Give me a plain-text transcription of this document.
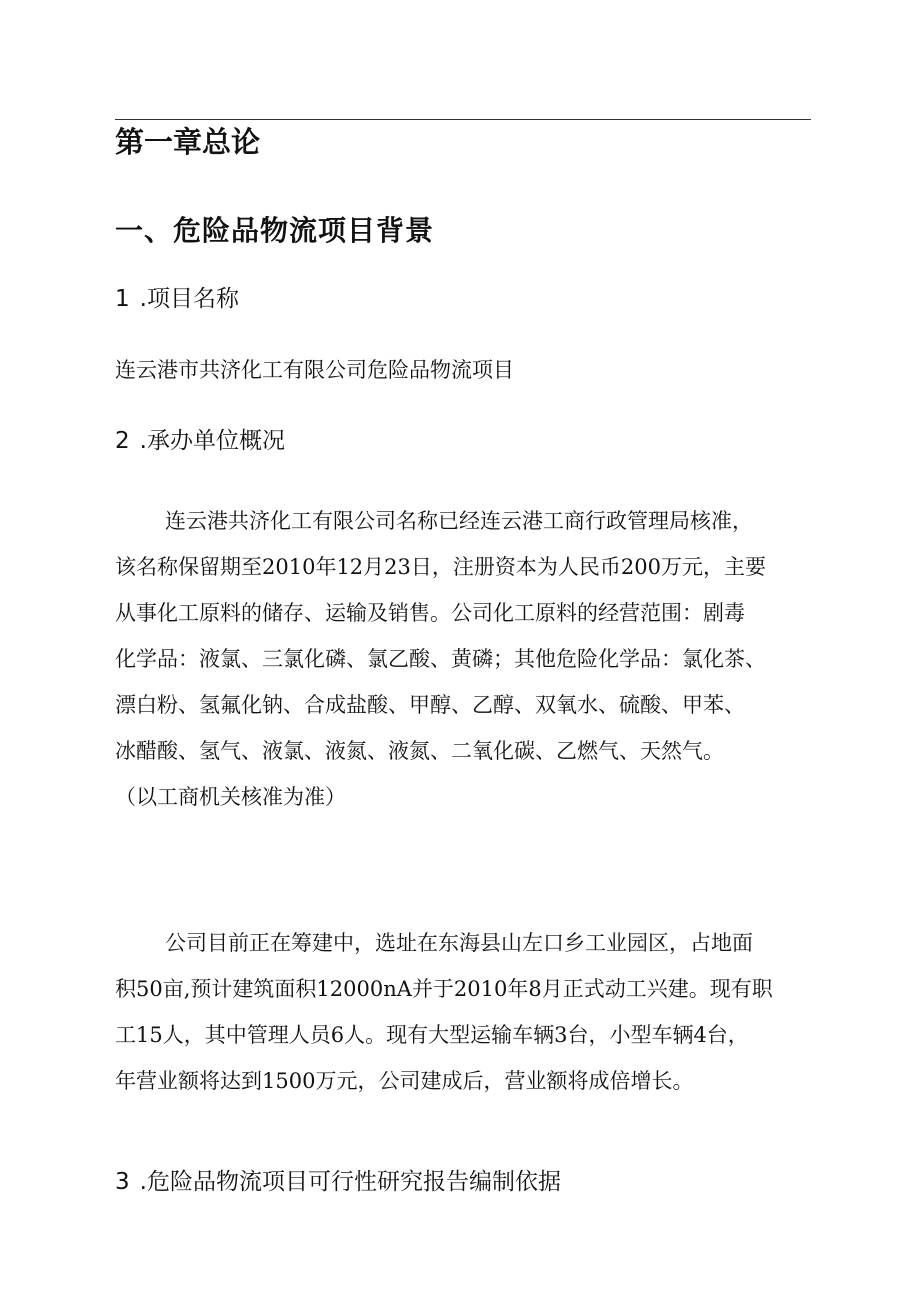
第一章总论
一、危险品物流项目背景
1 .项目名称

连云港市共济化工有限公司危险品物流项目

2 .承办单位概况
连云港共济化工有限公司名称已经连云港工商行政管理局核准，
该名称保留期至2010年12月23日，注册资本为人民币200万元，主要
从事化工原料的储存、运输及销售。公司化工原料的经营范围：剧毒
化学品：液氯、三氯化磷、氯乙酸、黄磷；其他危险化学品：氯化茶、
漂白粉、氢氟化钠、合成盐酸、甲醇、乙醇、双氧水、硫酸、甲苯、
冰醋酸、氢气、液氯、液氮、液氮、二氧化碳、乙燃气、天然气。
（以工商机关核准为准）
公司目前正在筹建中，选址在东海县山左口乡工业园区，占地面
积50亩,预计建筑面积12000nA并于2010年8月正式动工兴建。现有职
工15人，其中管理人员6人。现有大型运输车辆3台，小型车辆4台，
年营业额将达到1500万元，公司建成后，营业额将成倍增长。
3 .危险品物流项目可行性研究报告编制依据
